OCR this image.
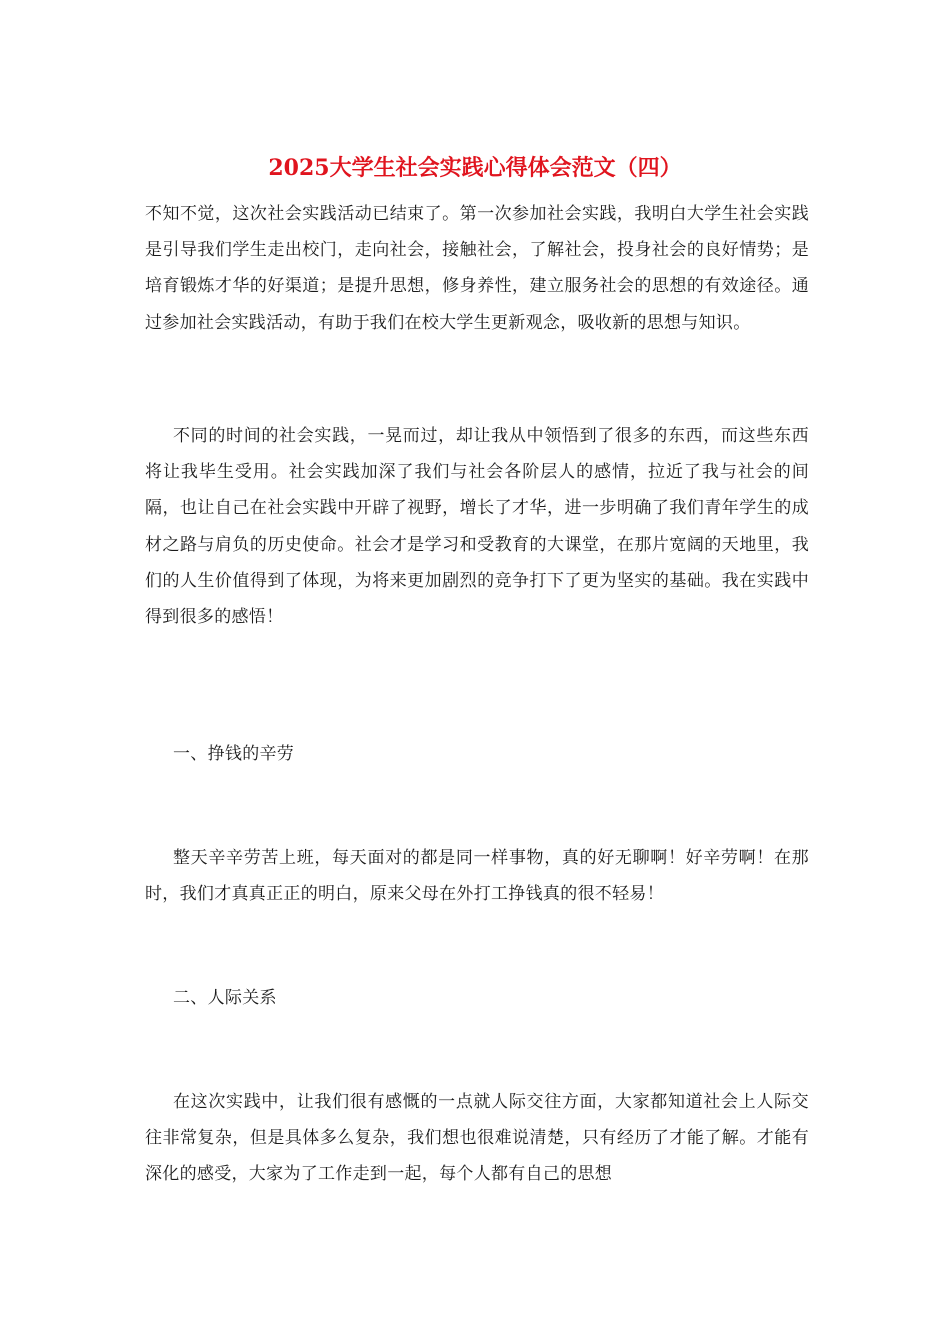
2025大学生社会实践心得体会范文（四）

不知不觉，这次社会实践活动已结束了。第一次参加社会实践，我明白大学生社会实践是引导我们学生走出校门，走向社会，接触社会，了解社会，投身社会的良好情势；是培育锻炼才华的好渠道；是提升思想，修身养性，建立服务社会的思想的有效途径。通过参加社会实践活动，有助于我们在校大学生更新观念，吸收新的思想与知识。

不同的时间的社会实践，一晃而过，却让我从中领悟到了很多的东西，而这些东西将让我毕生受用。社会实践加深了我们与社会各阶层人的感情，拉近了我与社会的间隔，也让自己在社会实践中开辟了视野，增长了才华，进一步明确了我们青年学生的成材之路与肩负的历史使命。社会才是学习和受教育的大课堂，在那片宽阔的天地里，我们的人生价值得到了体现，为将来更加剧烈的竞争打下了更为坚实的基础。我在实践中得到很多的感悟！

一、挣钱的辛劳

整天辛辛劳苦上班，每天面对的都是同一样事物，真的好无聊啊！好辛劳啊！在那时，我们才真真正正的明白，原来父母在外打工挣钱真的很不轻易！

二、人际关系

在这次实践中，让我们很有感慨的一点就人际交往方面，大家都知道社会上人际交往非常复杂，但是具体多么复杂，我们想也很难说清楚，只有经历了才能了解。才能有深化的感受，大家为了工作走到一起，每个人都有自己的思想
